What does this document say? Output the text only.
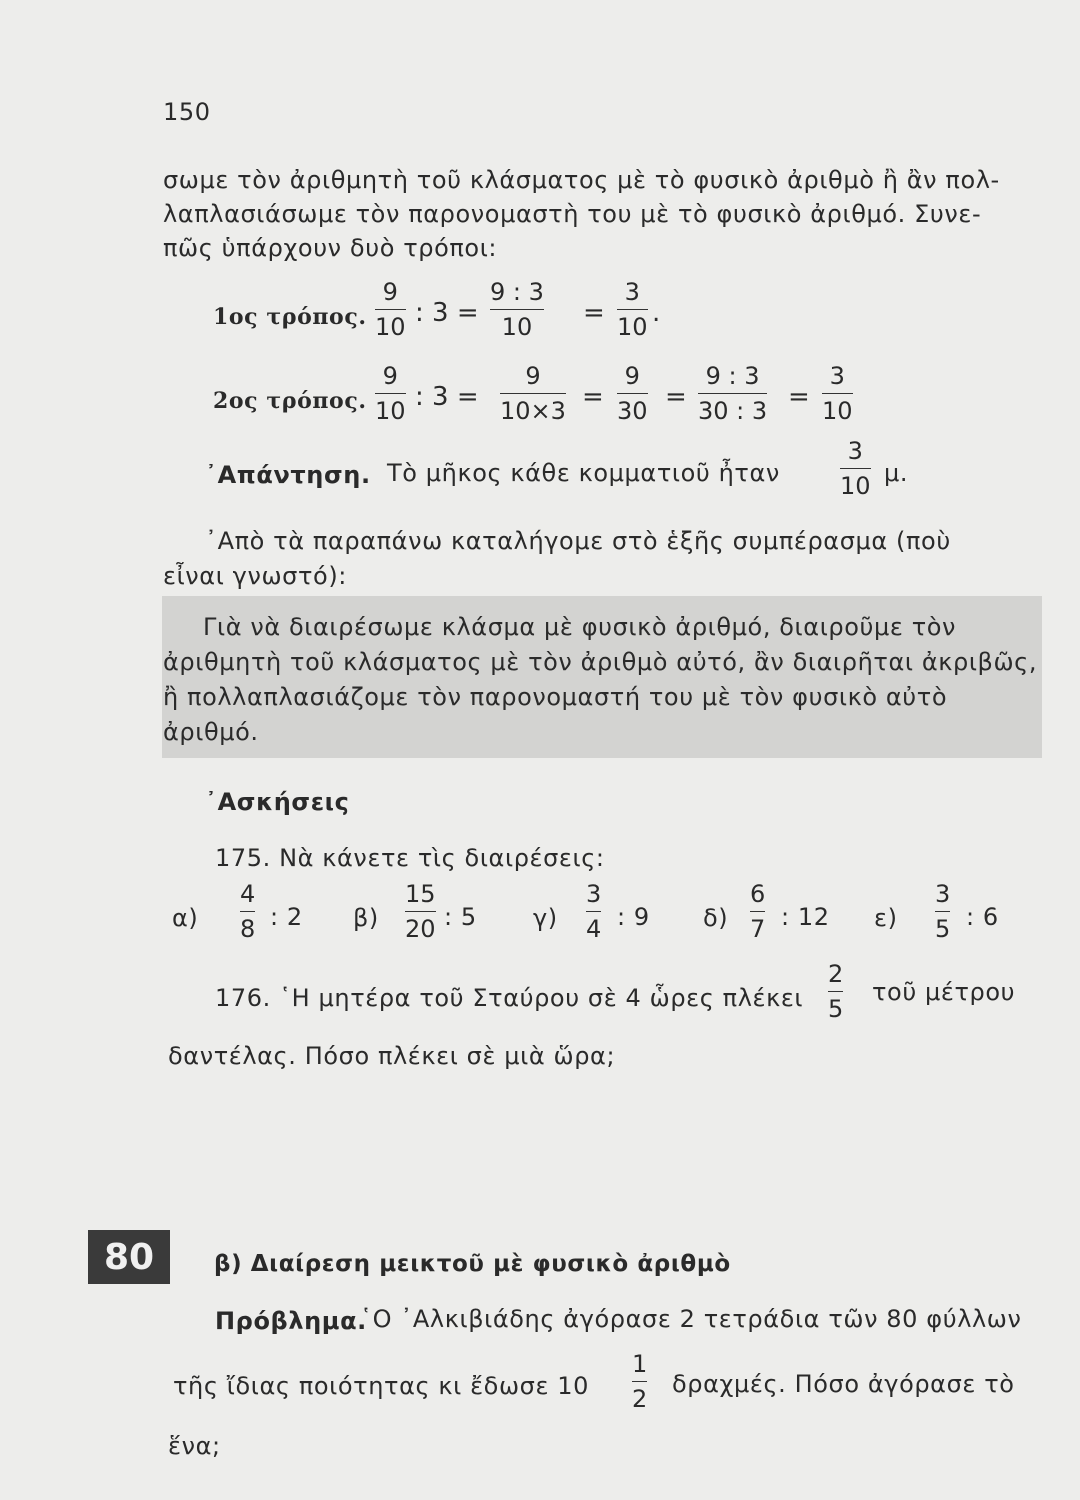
150
σωμε τὸν ἀριθμητὴ τοῦ κλάσματος μὲ τὸ φυσικὸ ἀριθμὸ ἢ ἂν πολ-
λαπλασιάσωμε τὸν παρονομαστὴ του μὲ τὸ φυσικὸ ἀριθμό. Συνε-
πῶς ὑπάρχουν δυὸ τρόποι:
1ος τρόπος.
9
10 : 3 =
9 : 3
10 =
3
10 .
2ος τρόπος.
9
10 : 3 =
9
10×3 =
9
30 =
9 : 3
30 : 3 =
3
10
᾿Απάντηση. Τὸ μῆκος κάθε κομματιοῦ ἦταν
3
10 μ.
᾿Απὸ τὰ παραπάνω καταλήγομε στὸ ἑξῆς συμπέρασμα (ποὺ
εἶναι γνωστό):
Γιὰ νὰ διαιρέσωμε κλάσμα μὲ φυσικὸ ἀριθμό, διαιροῦμε τὸν
ἀριθμητὴ τοῦ κλάσματος μὲ τὸν ἀριθμὸ αὐτό, ἂν διαιρῆται ἀκριβῶς,
ἢ πολλαπλασιάζομε τὸν παρονομαστή του μὲ τὸν φυσικὸ αὐτὸ
ἀριθμό.
᾿Ασκήσεις
175. Νὰ κάνετε τὶς διαιρέσεις:
α)
4
8 : 2 β)
15
20 : 5 γ)
3
4 : 9 δ)
6
7 : 12 ε)
3
5 : 6
176. ῾Η μητέρα τοῦ Σταύρου σὲ 4 ὧρες πλέκει
2
5
τοῦ μέτρου
δαντέλας. Πόσο πλέκει σὲ μιὰ ὥρα;
80	β) Διαίρεση μεικτοῦ μὲ φυσικὸ ἀριθμὸ
Πρόβλημα.
῾Ο ᾿Αλκιβιάδης ἀγόρασε 2 τετράδια τῶν 80 φύλλων
τῆς ἴδιας ποιότητας κι ἔδωσε 10
1
2
δραχμές. Πόσο ἀγόρασε τὸ
ἕνα;
